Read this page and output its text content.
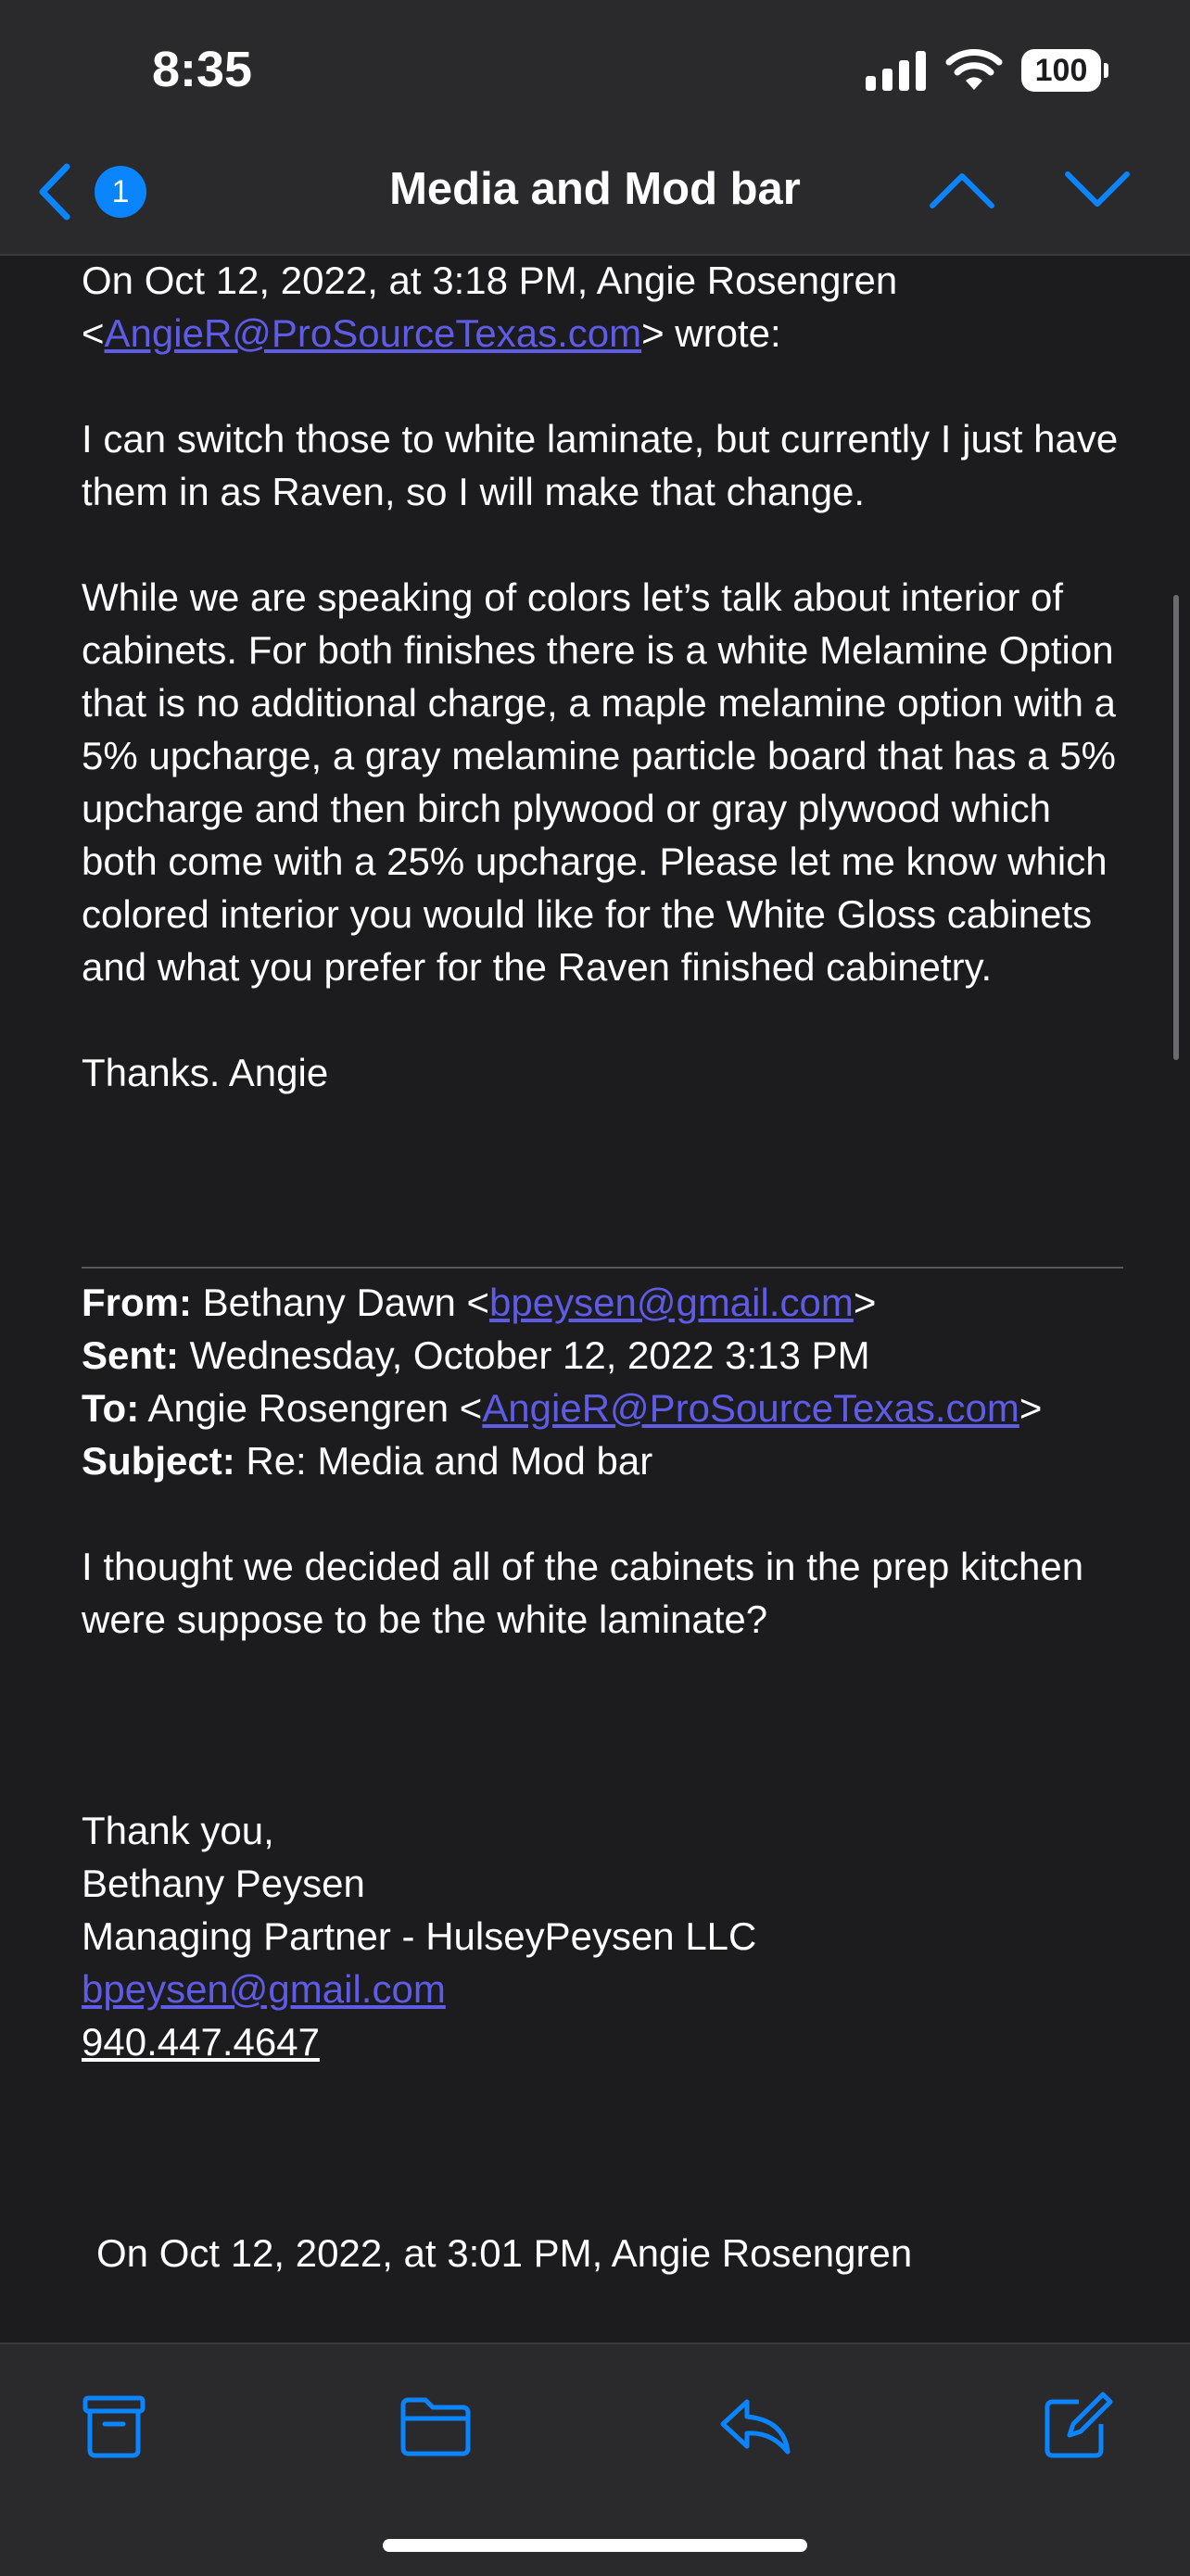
8:35	100
1	Media and Mod bar

On Oct 12, 2022, at 3:18 PM, Angie Rosengren
<AngieR@ProSourceTexas.com> wrote:

I can switch those to white laminate, but currently I just have them in as Raven, so I will make that change.

While we are speaking of colors let’s talk about interior of cabinets. For both finishes there is a white Melamine Option that is no additional charge, a maple melamine option with a 5% upcharge, a gray melamine particle board that has a 5% upcharge and then birch plywood or gray plywood which both come with a 25% upcharge. Please let me know which colored interior you would like for the White Gloss cabinets and what you prefer for the Raven finished cabinetry.

Thanks. Angie

From: Bethany Dawn <bpeysen@gmail.com>

Sent: Wednesday, October 12, 2022 3:13 PM

To: Angie Rosengren <AngieR@ProSourceTexas.com>

Subject: Re: Media and Mod bar

I thought we decided all of the cabinets in the prep kitchen were suppose to be the white laminate?

Thank you,

Bethany Peysen

Managing Partner - HulseyPeysen LLC

bpeysen@gmail.com

940.447.4647

On Oct 12, 2022, at 3:01 PM, Angie Rosengren
